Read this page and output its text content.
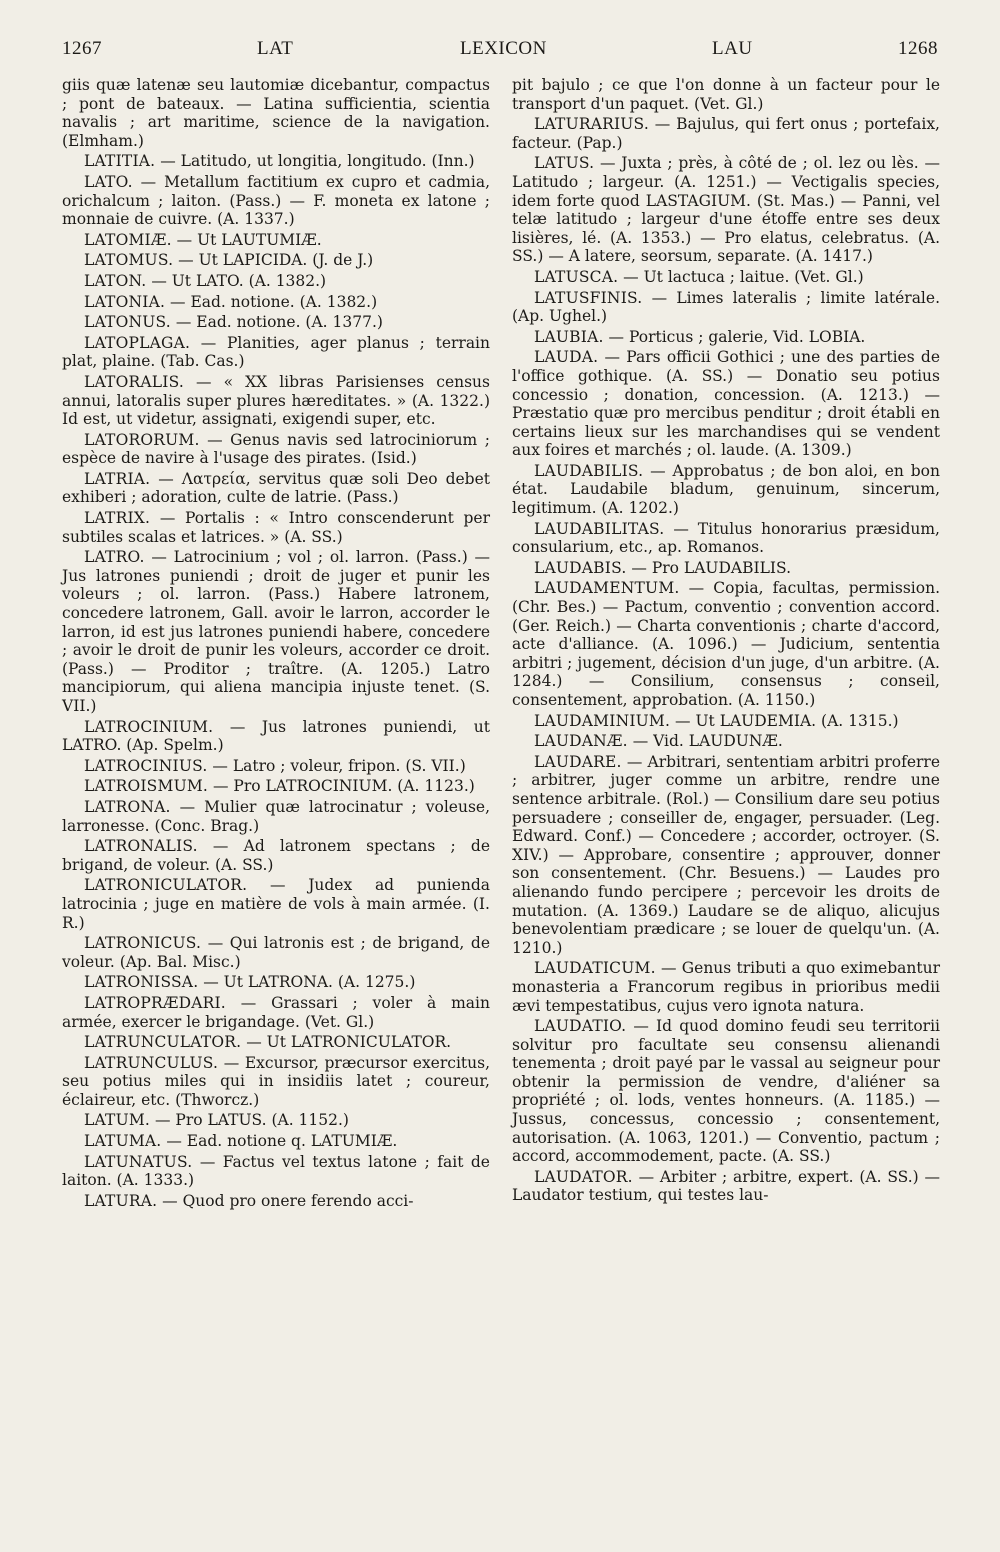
1267	LAT	LEXICON	LAU	1268

giis quæ latenæ seu lautomiæ dicebantur, compactus ; pont de bateaux. — Latina sufficientia, scientia navalis ; art maritime, science de la navigation. (Elmham.)

LATITIA. — Latitudo, ut longitia, longitudo. (Inn.)

LATO. — Metallum factitium ex cupro et cadmia, orichalcum ; laiton. (Pass.) — F. moneta ex latone ; monnaie de cuivre. (A. 1337.)

LATOMIÆ. — Ut LAUTUMIÆ.

LATOMUS. — Ut LAPICIDA. (J. de J.)

LATON. — Ut LATO. (A. 1382.)

LATONIA. — Ead. notione. (A. 1382.)

LATONUS. — Ead. notione. (A. 1377.)

LATOPLAGA. — Planities, ager planus ; terrain plat, plaine. (Tab. Cas.)

LATORALIS. — « XX libras Parisienses census annui, latoralis super plures hæreditates. » (A. 1322.) Id est, ut videtur, assignati, exigendi super, etc.

LATORORUM. — Genus navis sed latrociniorum ; espèce de navire à l'usage des pirates. (Isid.)

LATRIA. — Λατρεία, servitus quæ soli Deo debet exhiberi ; adoration, culte de latrie. (Pass.)

LATRIX. — Portalis : « Intro conscenderunt per subtiles scalas et latrices. » (A. SS.)

LATRO. — Latrocinium ; vol ; ol. larron. (Pass.) — Jus latrones puniendi ; droit de juger et punir les voleurs ; ol. larron. (Pass.) Habere latronem, concedere latronem, Gall. avoir le larron, accorder le larron, id est jus latrones puniendi habere, concedere ; avoir le droit de punir les voleurs, accorder ce droit. (Pass.) — Proditor ; traître. (A. 1205.) Latro mancipiorum, qui aliena mancipia injuste tenet. (S. VII.)

LATROCINIUM. — Jus latrones puniendi, ut LATRO. (Ap. Spelm.)

LATROCINIUS. — Latro ; voleur, fripon. (S. VII.)

LATROISMUM. — Pro LATROCINIUM. (A. 1123.)

LATRONA. — Mulier quæ latrocinatur ; voleuse, larronesse. (Conc. Brag.)

LATRONALIS. — Ad latronem spectans ; de brigand, de voleur. (A. SS.)

LATRONICULATOR. — Judex ad punienda latrocinia ; juge en matière de vols à main armée. (I. R.)

LATRONICUS. — Qui latronis est ; de brigand, de voleur. (Ap. Bal. Misc.)

LATRONISSA. — Ut LATRONA. (A. 1275.)

LATROPRÆDARI. — Grassari ; voler à main armée, exercer le brigandage. (Vet. Gl.)

LATRUNCULATOR. — Ut LATRONICULATOR.

LATRUNCULUS. — Excursor, præcursor exercitus, seu potius miles qui in insidiis latet ; coureur, éclaireur, etc. (Thworcz.)

LATUM. — Pro LATUS. (A. 1152.)

LATUMA. — Ead. notione q. LATUMIÆ.

LATUNATUS. — Factus vel textus latone ; fait de laiton. (A. 1333.)

LATURA. — Quod pro onere ferendo acci-

pit bajulo ; ce que l'on donne à un facteur pour le transport d'un paquet. (Vet. Gl.)

LATURARIUS. — Bajulus, qui fert onus ; portefaix, facteur. (Pap.)

LATUS. — Juxta ; près, à côté de ; ol. lez ou lès. — Latitudo ; largeur. (A. 1251.) — Vectigalis species, idem forte quod LASTAGIUM. (St. Mas.) — Panni, vel telæ latitudo ; largeur d'une étoffe entre ses deux lisières, lé. (A. 1353.) — Pro elatus, celebratus. (A. SS.) — A latere, seorsum, separate. (A. 1417.)

LATUSCA. — Ut lactuca ; laitue. (Vet. Gl.)

LATUSFINIS. — Limes lateralis ; limite latérale. (Ap. Ughel.)

LAUBIA. — Porticus ; galerie, Vid. LOBIA.

LAUDA. — Pars officii Gothici ; une des parties de l'office gothique. (A. SS.) — Donatio seu potius concessio ; donation, concession. (A. 1213.) — Præstatio quæ pro mercibus penditur ; droit établi en certains lieux sur les marchandises qui se vendent aux foires et marchés ; ol. laude. (A. 1309.)

LAUDABILIS. — Approbatus ; de bon aloi, en bon état. Laudabile bladum, genuinum, sincerum, legitimum. (A. 1202.)

LAUDABILITAS. — Titulus honorarius præsidum, consularium, etc., ap. Romanos.

LAUDABIS. — Pro LAUDABILIS.

LAUDAMENTUM. — Copia, facultas, permission. (Chr. Bes.) — Pactum, conventio ; convention accord. (Ger. Reich.) — Charta conventionis ; charte d'accord, acte d'alliance. (A. 1096.) — Judicium, sententia arbitri ; jugement, décision d'un juge, d'un arbitre. (A. 1284.) — Consilium, consensus ; conseil, consentement, approbation. (A. 1150.)

LAUDAMINIUM. — Ut LAUDEMIA. (A. 1315.)

LAUDANÆ. — Vid. LAUDUNÆ.

LAUDARE. — Arbitrari, sententiam arbitri proferre ; arbitrer, juger comme un arbitre, rendre une sentence arbitrale. (Rol.) — Consilium dare seu potius persuadere ; conseiller de, engager, persuader. (Leg. Edward. Conf.) — Concedere ; accorder, octroyer. (S. XIV.) — Approbare, consentire ; approuver, donner son consentement. (Chr. Besuens.) — Laudes pro alienando fundo percipere ; percevoir les droits de mutation. (A. 1369.) Laudare se de aliquo, alicujus benevolentiam prædicare ; se louer de quelqu'un. (A. 1210.)

LAUDATICUM. — Genus tributi a quo eximebantur monasteria a Francorum regibus in prioribus medii ævi tempestatibus, cujus vero ignota natura.

LAUDATIO. — Id quod domino feudi seu territorii solvitur pro facultate seu consensu alienandi tenementa ; droit payé par le vassal au seigneur pour obtenir la permission de vendre, d'aliéner sa propriété ; ol. lods, ventes honneurs. (A. 1185.) — Jussus, concessus, concessio ; consentement, autorisation. (A. 1063, 1201.) — Conventio, pactum ; accord, accommodement, pacte. (A. SS.)

LAUDATOR. — Arbiter ; arbitre, expert. (A. SS.) — Laudator testium, qui testes lau-
